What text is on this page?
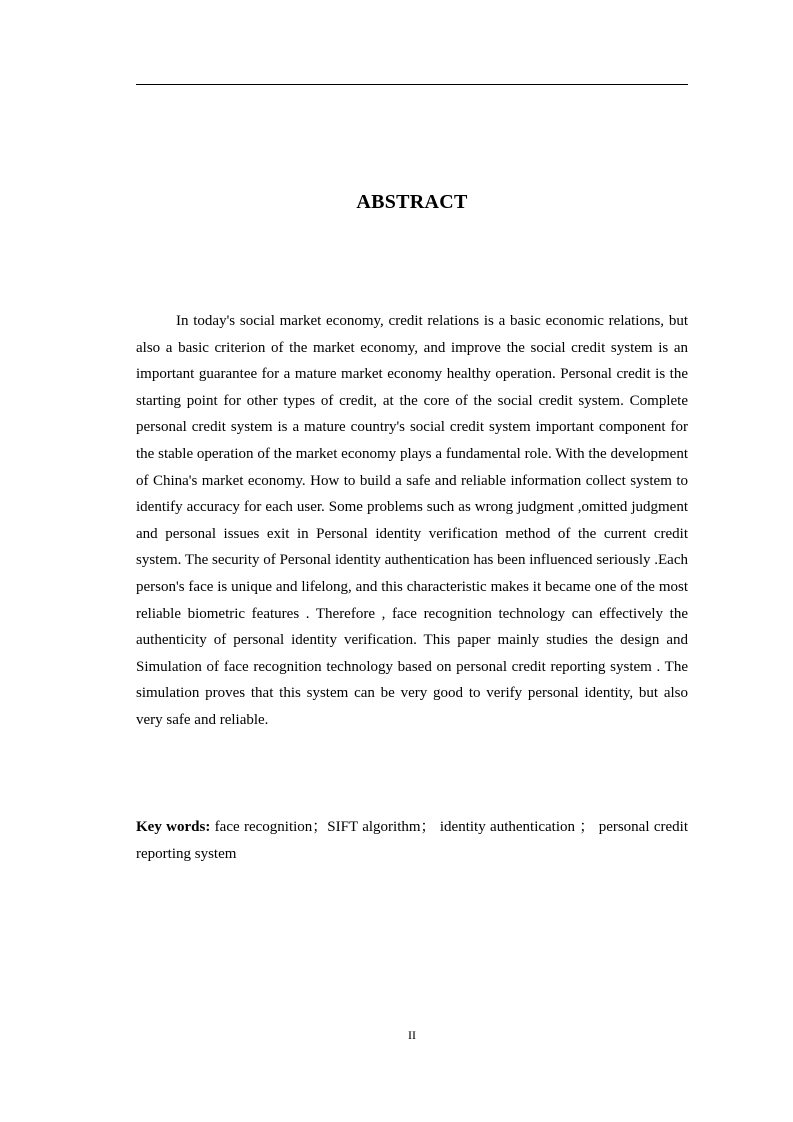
ABSTRACT

In today's social market economy, credit relations is a basic economic relations, but also a basic criterion of the market economy, and improve the social credit system is an important guarantee for a mature market economy healthy operation. Personal credit is the starting point for other types of credit, at the core of the social credit system. Complete personal credit system is a mature country's social credit system important component for the stable operation of the market economy plays a fundamental role. With the development of China's market economy. How to build a safe and reliable information collect system to identify accuracy for each user. Some problems such as wrong judgment ,omitted judgment and personal issues exit in Personal identity verification method of the current credit system. The security of Personal identity authentication has been influenced seriously .Each person's face is unique and lifelong, and this characteristic makes it became one of the most reliable biometric features . Therefore , face recognition technology can effectively the authenticity of personal identity verification. This paper mainly studies the design and Simulation of face recognition technology based on personal credit reporting system . The simulation proves that this system can be very good to verify personal identity, but also very safe and reliable.

Key words: face recognition；SIFT algorithm； identity authentication ； personal credit reporting system

II
